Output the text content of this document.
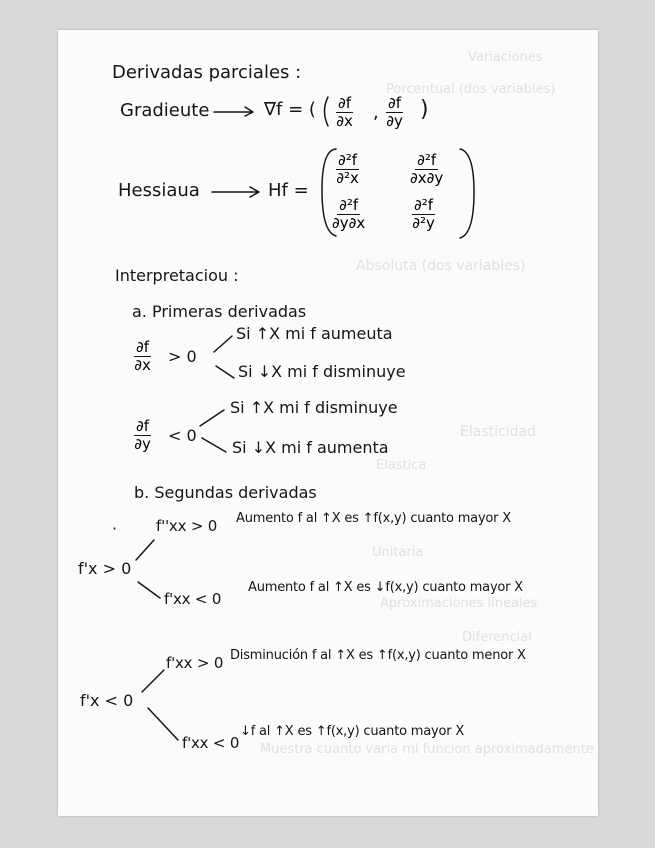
Variaciones
Porcentual (dos variables)
Absoluta (dos variables)
Elasticidad
Elastica
Unitaria
Aproximaciones lineales
Diferencial
Muestra cuanto varia mi funcion aproximadamente
Derivadas parciales :
Gradieute	∇f = ( $\frac{\partial f}{\partial x}$ , $\frac{\partial f}{\partial y}$ )
Hessiaua	Hf =
$\frac{\text{∂²f}}{\text{∂²x}}$	$\frac{\text{∂²f}}{\partial x\partial y}$
$\frac{\text{∂²f}}{\partial y\partial x}$	$\frac{\text{∂²f}}{\text{∂²y}}$
Interpretaciou :
a. Primeras derivadas
$\frac{\partial f}{\partial x} > 0$
Si ↑X mi f aumeuta
Si ↓X mi f disminuye
Si ↑X mi f disminuye
$\frac{\partial f}{\partial y} < 0$
Si ↓X mi f aumenta
b. Segundas derivadas
·	f''xx > 0 Aumento f al ↑X es ↑f(x,y) cuanto mayor X
f'x > 0
f'xx < 0
Aumento f al ↑X es ↓f(x,y) cuanto mayor X
f'xx > 0 Disminución f al ↑X es ↑f(x,y) cuanto menor X
f'x < 0
f'xx < 0
↓f al ↑X es ↑f(x,y) cuanto mayor X
